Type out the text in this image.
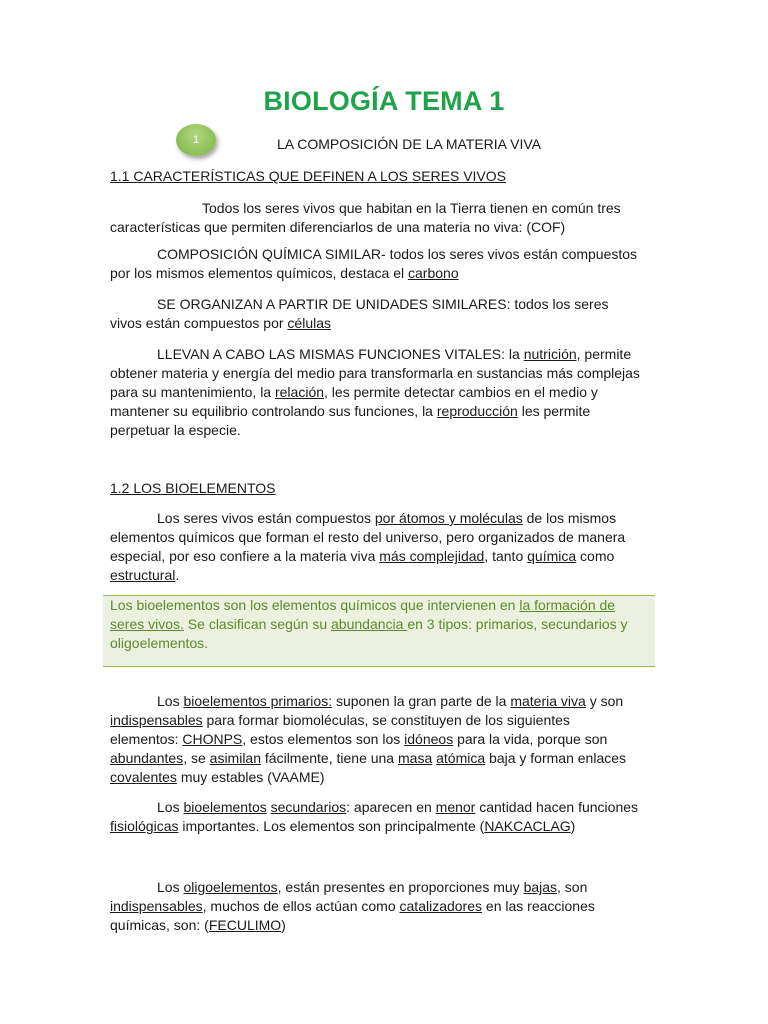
BIOLOGÍA TEMA 1
1	LA COMPOSICIÓN DE LA MATERIA VIVA
1.1 CARACTERÍSTICAS QUE DEFINEN A LOS SERES VIVOS
Todos los seres vivos que habitan en la Tierra tienen en común tres características que permiten diferenciarlos de una materia no viva: (COF)
COMPOSICIÓN QUÍMICA SIMILAR- todos los seres vivos están compuestos por los mismos elementos químicos, destaca el carbono
SE ORGANIZAN A PARTIR DE UNIDADES SIMILARES: todos los seres vivos están compuestos por células
LLEVAN A CABO LAS MISMAS FUNCIONES VITALES: la nutrición, permite obtener materia y energía del medio para transformarla en sustancias más complejas para su mantenimiento, la relación, les permite detectar cambios en el medio y mantener su equilibrio controlando sus funciones, la reproducción les permite perpetuar la especie.
1.2 LOS BIOELEMENTOS
Los seres vivos están compuestos por átomos y moléculas de los mismos elementos químicos que forman el resto del universo, pero organizados de manera especial, por eso confiere a la materia viva más complejidad, tanto química como estructural.
Los bioelementos son los elementos químicos que intervienen en la formación de seres vivos. Se clasifican según su abundancia en 3 tipos: primarios, secundarios y oligoelementos.
Los bioelementos primarios: suponen la gran parte de la materia viva y son indispensables para formar biomoléculas, se constituyen de los siguientes elementos: CHONPS, estos elementos son los idóneos para la vida, porque son abundantes, se asimilan fácilmente, tiene una masa atómica baja y forman enlaces covalentes muy estables (VAAME)
Los bioelementos secundarios: aparecen en menor cantidad hacen funciones fisiológicas importantes. Los elementos son principalmente (NAKCACLAG)
Los oligoelementos, están presentes en proporciones muy bajas, son indispensables, muchos de ellos actúan como catalizadores en las reacciones químicas, son: (FECULIMO)
